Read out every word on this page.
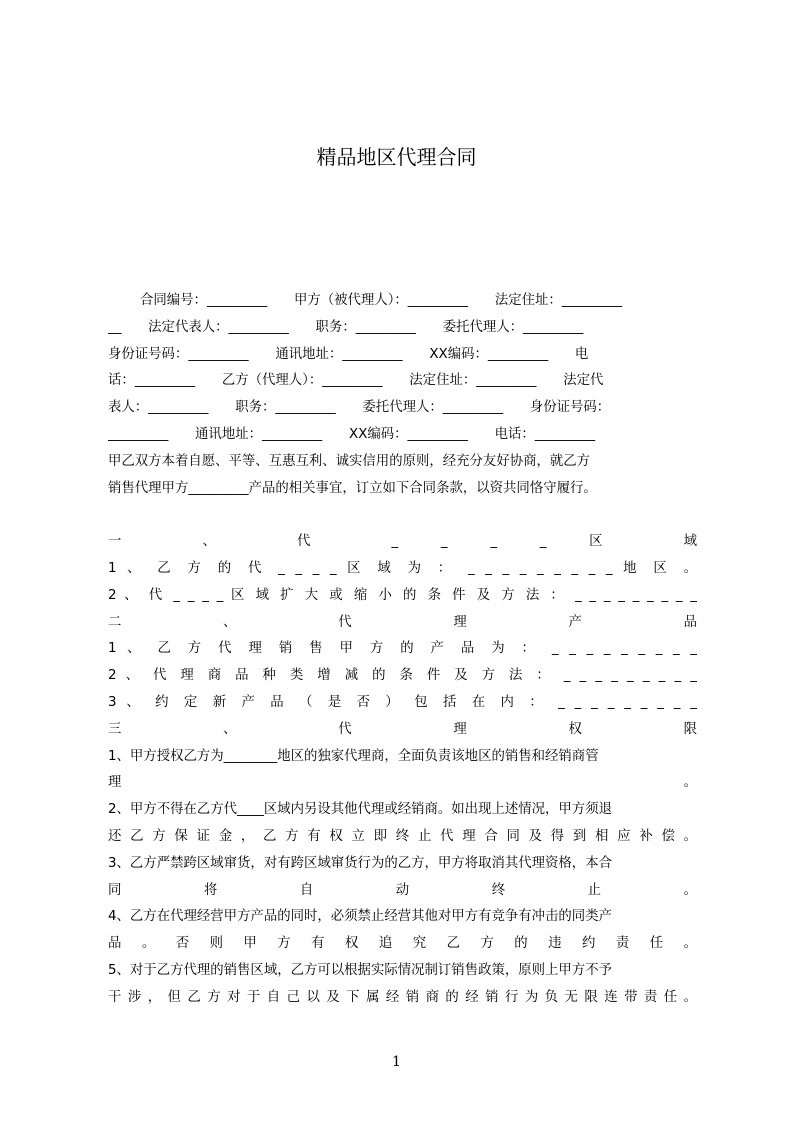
精品地区代理合同
合同编号：_________　　甲方（被代理人）：_________　　法定住址：_________
__　　法定代表人：_________　　职务：_________　　委托代理人：_________
身份证号码：_________　　通讯地址：_________　　XX编码：_________　　电
话：_________　　乙方（代理人）：_________　　法定住址：_________　　法定代
表人：_________　　职务：_________　　委托代理人：_________　　身份证号码：
_________　　通讯地址：_________　　XX编码：_________　　电话：_________
甲乙双方本着自愿、平等、互惠互利、诚实信用的原则，经充分友好协商，就乙方
销售代理甲方_________产品的相关事宜，订立如下合同条款，以资共同恪守履行。
一 、 代 _ _ _ _ 区 域
1 、 乙 方 的 代 _ _ _ _ 区 域 为 ： _ _ _ _ _ _ _ _ _ 地 区 。
2 、 代 _ _ _ _ 区 域 扩 大 或 缩 小 的 条 件 及 方 法 ： _ _ _ _ _ _ _ _ _
二 、 代 理 产 品
1 、 乙 方 代 理 销 售 甲 方 的 产 品 为 ： _ _ _ _ _ _ _ _ _
2 、 代 理 商 品 种 类 增 减 的 条 件 及 方 法 ： _ _ _ _ _ _ _ _ _
3 、 约 定 新 产 品 （ 是 否 ） 包 括 在 内 ： _ _ _ _ _ _ _ _ _
三 、 代 理 权 限
1、甲方授权乙方为________地区的独家代理商，全面负责该地区的销售和经销商管
理 。
2、甲方不得在乙方代____区域内另设其他代理或经销商。如出现上述情况，甲方须退
还 乙 方 保 证 金 ， 乙 方 有 权 立 即 终 止 代 理 合 同 及 得 到 相 应 补 偿 。
3、乙方严禁跨区域窜货，对有跨区域窜货行为的乙方，甲方将取消其代理资格，本合
同 将 自 动 终 止 。
4、乙方在代理经营甲方产品的同时，必须禁止经营其他对甲方有竞争有冲击的同类产
品 。 否 则 甲 方 有 权 追 究 乙 方 的 违 约 责 任 。
5、对于乙方代理的销售区域，乙方可以根据实际情况制订销售政策，原则上甲方不予
干 涉 ， 但 乙 方 对 于 自 己 以 及 下 属 经 销 商 的 经 销 行 为 负 无 限 连 带 责 任 。
1
